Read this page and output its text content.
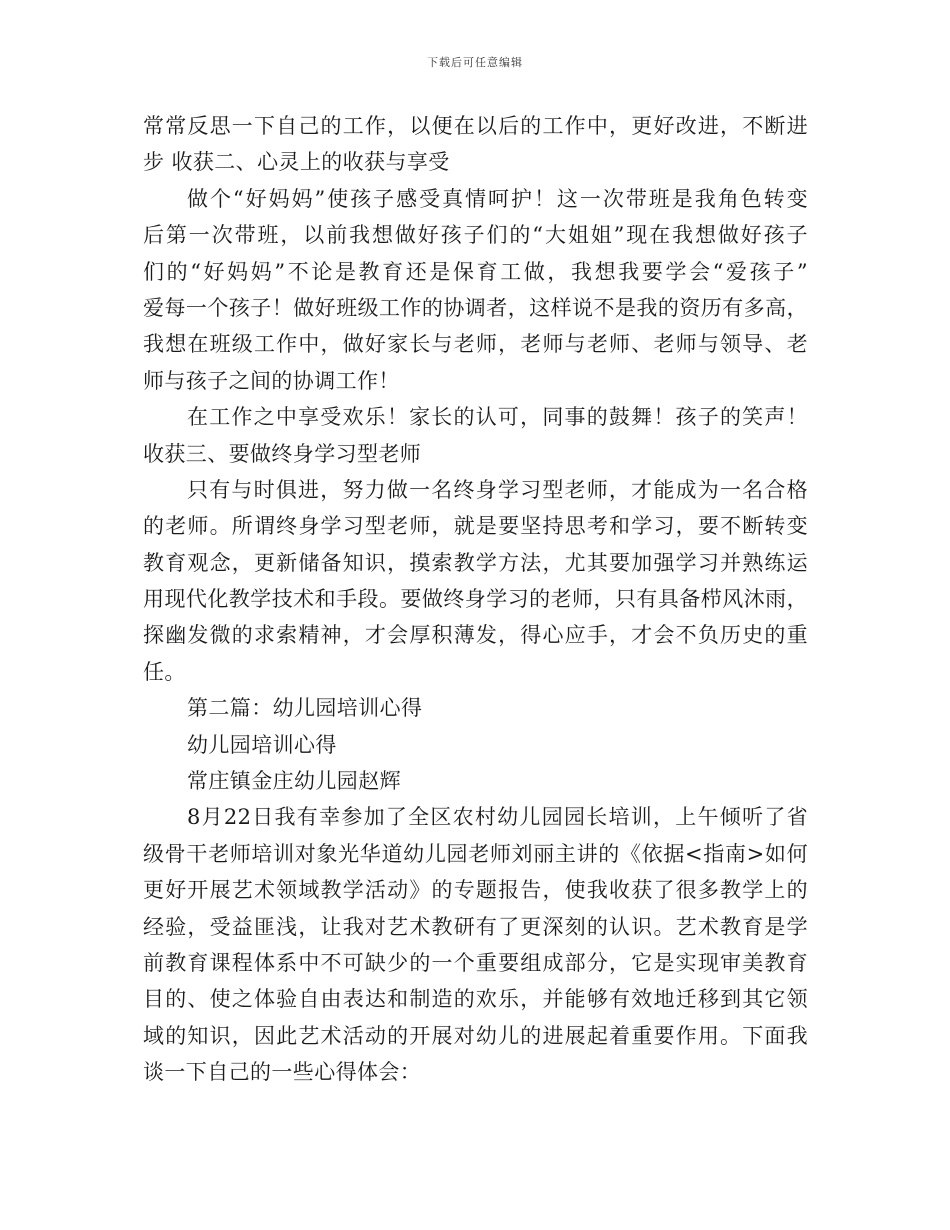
下载后可任意编辑
常常反思一下自己的工作，以便在以后的工作中，更好改进，不断进
步 收获二、心灵上的收获与享受
做个“好妈妈”使孩子感受真情呵护！这一次带班是我角色转变
后第一次带班，以前我想做好孩子们的“大姐姐”现在我想做好孩子
们的“好妈妈”不论是教育还是保育工做，我想我要学会“爱孩子”
爱每一个孩子！做好班级工作的协调者，这样说不是我的资历有多高，
我想在班级工作中，做好家长与老师，老师与老师、老师与领导、老
师与孩子之间的协调工作！
在工作之中享受欢乐！家长的认可，同事的鼓舞！孩子的笑声！
收获三、要做终身学习型老师
只有与时俱进，努力做一名终身学习型老师，才能成为一名合格
的老师。所谓终身学习型老师，就是要坚持思考和学习，要不断转变
教育观念，更新储备知识，摸索教学方法，尤其要加强学习并熟练运
用现代化教学技术和手段。要做终身学习的老师，只有具备栉风沐雨，
探幽发微的求索精神，才会厚积薄发，得心应手，才会不负历史的重
任。
第二篇：幼儿园培训心得
幼儿园培训心得
常庄镇金庄幼儿园赵辉
8月22日我有幸参加了全区农村幼儿园园长培训，上午倾听了省
级骨干老师培训对象光华道幼儿园老师刘丽主讲的《依据<指南>如何
更好开展艺术领域教学活动》的专题报告，使我收获了很多教学上的
经验，受益匪浅，让我对艺术教研有了更深刻的认识。艺术教育是学
前教育课程体系中不可缺少的一个重要组成部分，它是实现审美教育
目的、使之体验自由表达和制造的欢乐，并能够有效地迁移到其它领
域的知识，因此艺术活动的开展对幼儿的进展起着重要作用。下面我
谈一下自己的一些心得体会：
